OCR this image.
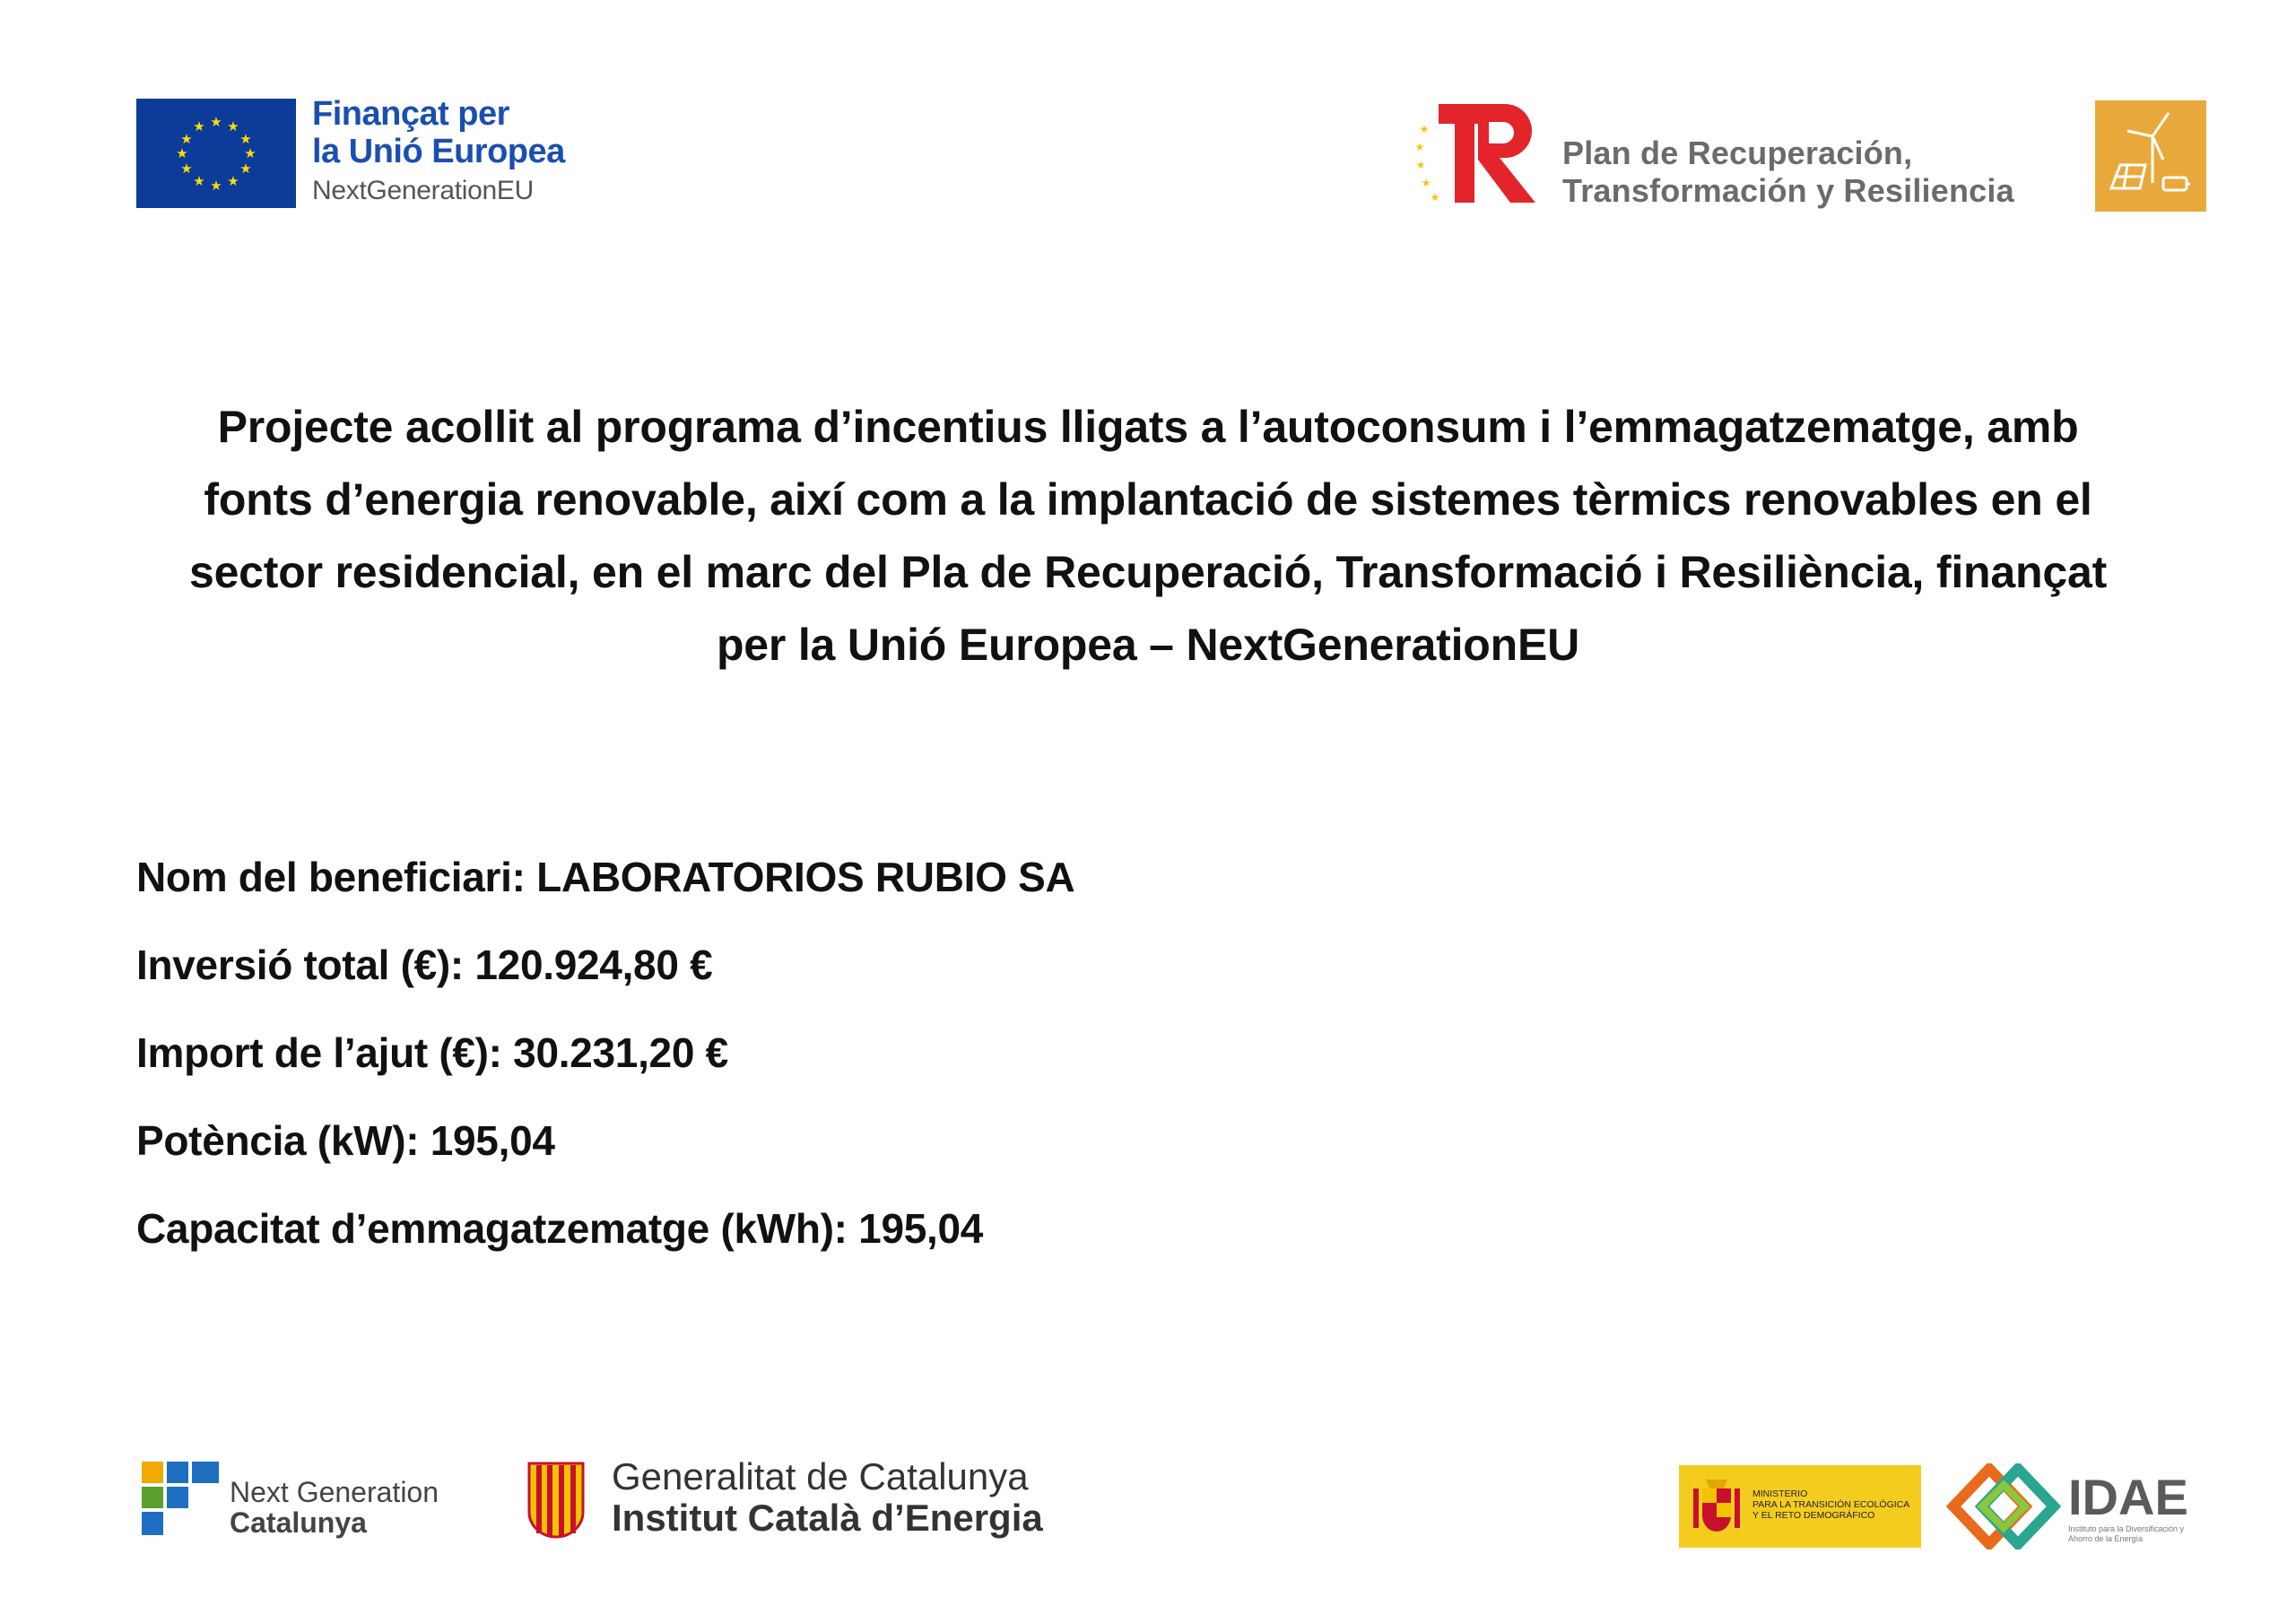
★ ★
★
★
★
★
★
★
★
★
★
★	Finançat per
la Unió Europea
NextGenerationEU
★
★
★
★
★
Plan de Recuperación,
Transformación y Resiliencia
Projecte acollit al programa d’incentius lligats a l’autoconsum i l’emmagatzematge, amb
fonts d’energia renovable, així com a la implantació de sistemes tèrmics renovables en el
sector residencial, en el marc del Pla de Recuperació, Transformació i Resiliència, finançat
per la Unió Europea – NextGenerationEU
Nom del beneficiari: LABORATORIOS RUBIO SA
Inversió total (€): 120.924,80 €
Import de l’ajut (€): 30.231,20 €
Potència (kW): 195,04
Capacitat d’emmagatzematge (kWh): 195,04
Next Generation
Catalunya
Generalitat de Catalunya
Institut Català d’Energia
MINISTERIO
PARA LA TRANSICIÓN ECOLÓGICA
Y EL RETO DEMOGRÁFICO	IDAE
Instituto para la Diversificación y Ahorro de la Energía
